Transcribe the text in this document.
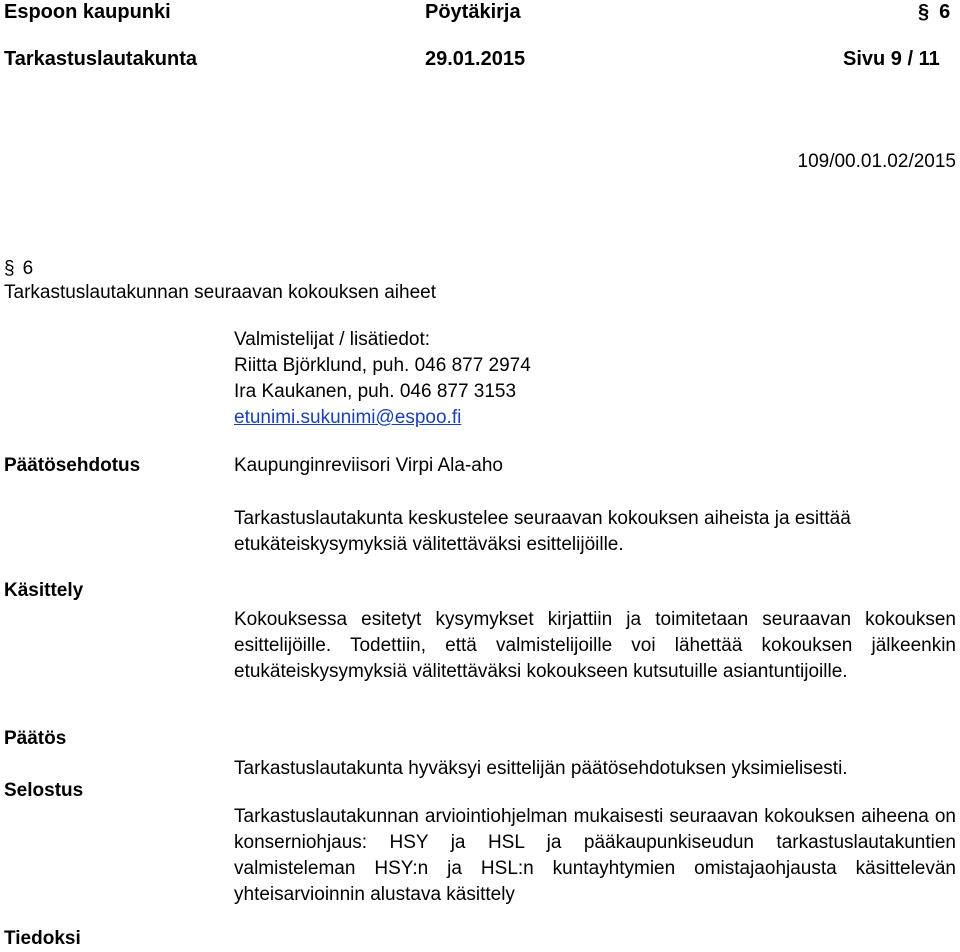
Espoon kaupunki	Pöytäkirja	§ 6
Tarkastuslautakunta	29.01.2015	Sivu 9 / 11
109/00.01.02/2015
§ 6
Tarkastuslautakunnan seuraavan kokouksen aiheet
Valmistelijat / lisätiedot:
Riitta Björklund, puh. 046 877 2974
Ira Kaukanen, puh. 046 877 3153
etunimi.sukunimi@espoo.fi
Päätösehdotus	Kaupunginreviisori Virpi Ala-aho
Tarkastuslautakunta keskustelee seuraavan kokouksen aiheista ja esittää etukäteiskysymyksiä välitettäväksi esittelijöille.
Käsittely
Kokouksessa esitetyt kysymykset kirjattiin ja toimitetaan seuraavan kokouksen esittelijöille. Todettiin, että valmistelijoille voi lähettää kokouksen jälkeenkin etukäteiskysymyksiä välitettäväksi kokoukseen kutsutuille asiantuntijoille.
Päätös
Tarkastuslautakunta hyväksyi esittelijän päätösehdotuksen yksimielisesti.
Selostus
Tarkastuslautakunnan arviointiohjelman mukaisesti seuraavan kokouksen aiheena on konserniohjaus: HSY ja HSL ja pääkaupunkiseudun tarkastuslautakuntien valmisteleman HSY:n ja HSL:n kuntayhtymien omistajaohjausta käsittelevän yhteisarvioinnin alustava käsittely
Tiedoksi
